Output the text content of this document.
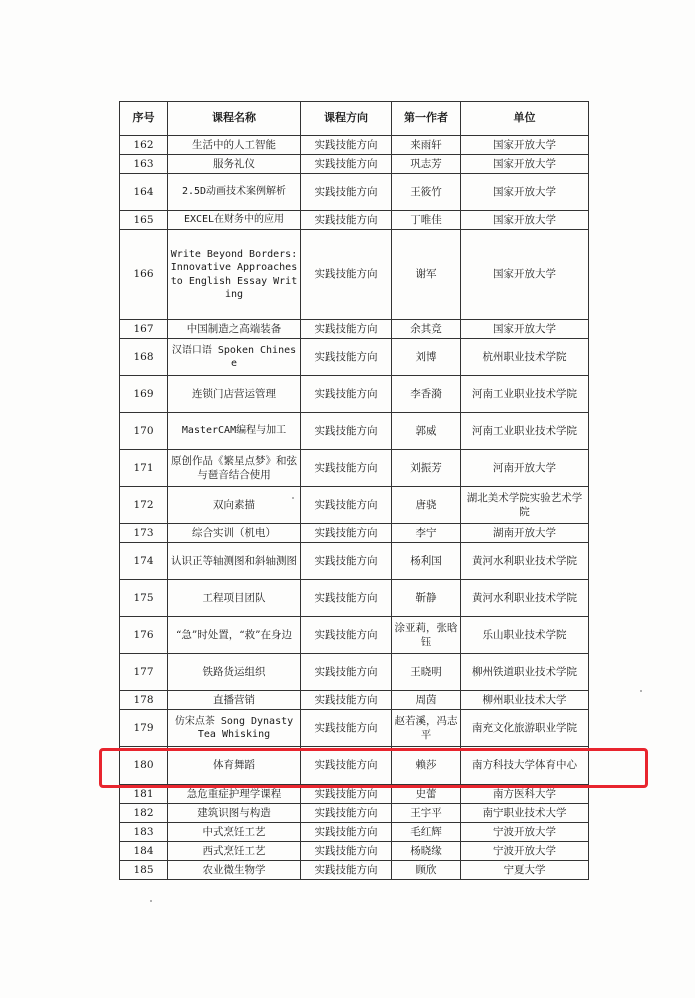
序号	课程名称	课程方向	第一作者	单位
162	生活中的人工智能	实践技能方向	来雨轩	国家开放大学
163	服务礼仪	实践技能方向	巩志芳	国家开放大学
164	2.5D动画技术案例解析	实践技能方向	王筱竹	国家开放大学
165	EXCEL在财务中的应用	实践技能方向	丁唯佳	国家开放大学
166	Write Beyond Borders: Innovative Approaches to English Essay Writing	实践技能方向	谢军	国家开放大学
167	中国制造之高端装备	实践技能方向	余其竞	国家开放大学
168	汉语口语 Spoken Chinese	实践技能方向	刘博	杭州职业技术学院
169	连锁门店营运管理	实践技能方向	李香漪	河南工业职业技术学院
170	MasterCAM编程与加工	实践技能方向	郭威	河南工业职业技术学院
171	原创作品《繁星点梦》和弦与琶音结合使用	实践技能方向	刘振芳	河南开放大学
172	双向素描	实践技能方向	唐骁	湖北美术学院实验艺术学院
173	综合实训（机电）	实践技能方向	李宁	湖南开放大学
174	认识正等轴测图和斜轴测图	实践技能方向	杨利国	黄河水利职业技术学院
175	工程项目团队	实践技能方向	靳静	黄河水利职业技术学院
176	“急”时处置，“救”在身边	实践技能方向	涂亚莉，张晗钰	乐山职业技术学院
177	铁路货运组织	实践技能方向	王晓明	柳州铁道职业技术学院
178	直播营销	实践技能方向	周茵	柳州职业技术大学
179	仿宋点茶 Song Dynasty Tea Whisking	实践技能方向	赵若溪，冯志平	南充文化旅游职业学院
180	体育舞蹈	实践技能方向	赖莎	南方科技大学体育中心
181	急危重症护理学课程	实践技能方向	史蕾	南方医科大学
182	建筑识图与构造	实践技能方向	王宇平	南宁职业技术大学
183	中式烹饪工艺	实践技能方向	毛红辉	宁波开放大学
184	西式烹饪工艺	实践技能方向	杨晓缘	宁波开放大学
185	农业微生物学	实践技能方向	顾欣	宁夏大学
